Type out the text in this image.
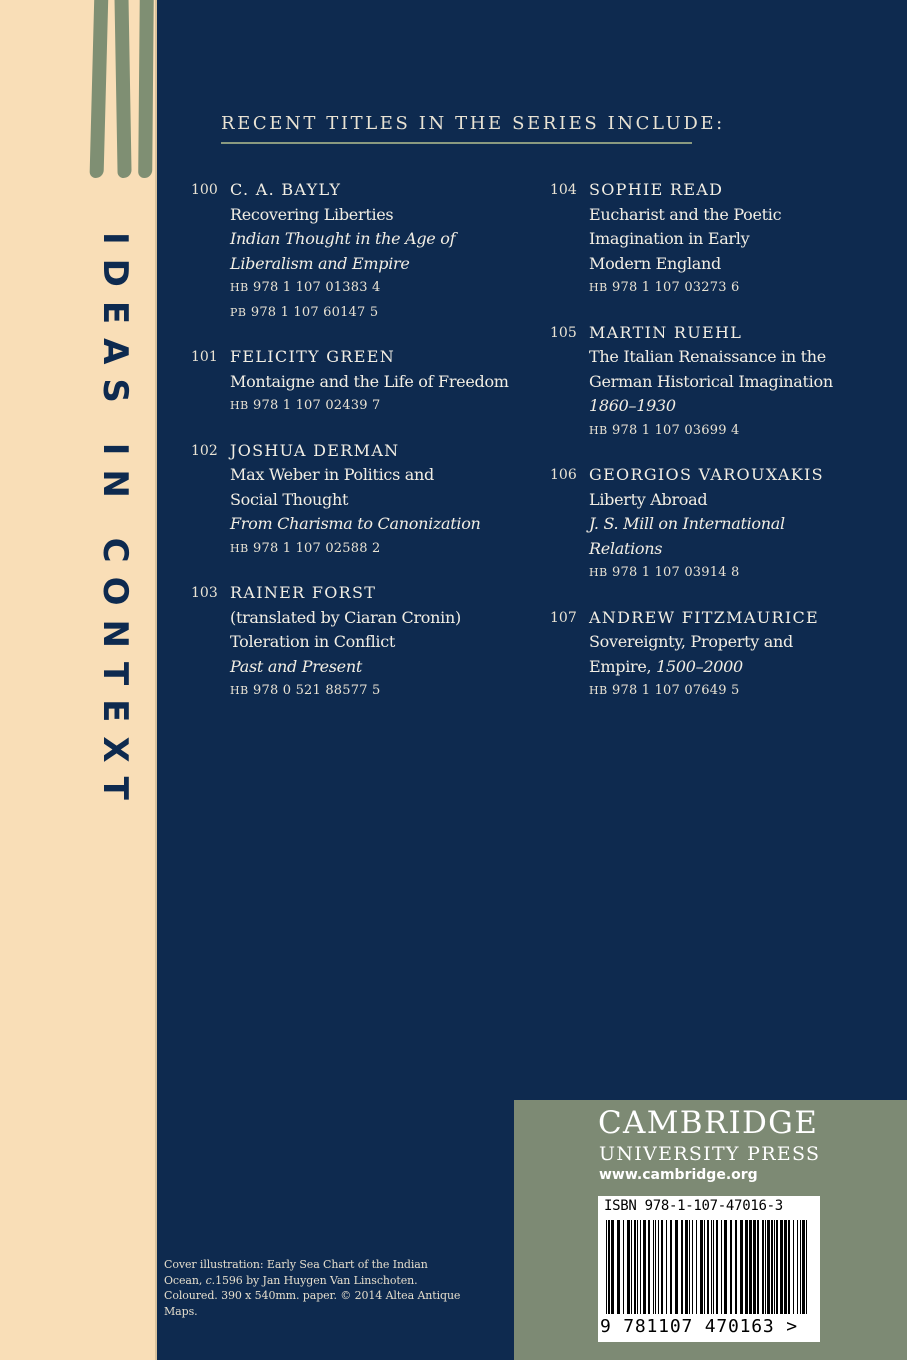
IDEAS IN CONTEXT
RECENT TITLES IN THE SERIES INCLUDE:
100 C. A. BAYLY
Recovering Liberties
Indian Thought in the Age of
Liberalism and Empire
HB 978 1 107 01383 4
PB 978 1 107 60147 5
101 FELICITY GREEN
Montaigne and the Life of Freedom
HB 978 1 107 02439 7
102 JOSHUA DERMAN
Max Weber in Politics and
Social Thought
From Charisma to Canonization
HB 978 1 107 02588 2
103 RAINER FORST
(translated by Ciaran Cronin)
Toleration in Conflict
Past and Present
HB 978 0 521 88577 5
104 SOPHIE READ
Eucharist and the Poetic
Imagination in Early
Modern England
HB 978 1 107 03273 6
105 MARTIN RUEHL
The Italian Renaissance in the
German Historical Imagination
1860–1930
HB 978 1 107 03699 4
106 GEORGIOS VAROUXAKIS
Liberty Abroad
J. S. Mill on International
Relations
HB 978 1 107 03914 8
107 ANDREW FITZMAURICE
Sovereignty, Property and
Empire, 1500–2000
HB 978 1 107 07649 5
Cover illustration: Early Sea Chart of the Indian
Ocean, c.1596 by Jan Huygen Van Linschoten.
Coloured. 390 x 540mm. paper. © 2014 Altea Antique
Maps.
CAMBRIDGE
UNIVERSITY PRESS
www.cambridge.org
ISBN 978-1-107-47016-3
9 781107 470163 >
